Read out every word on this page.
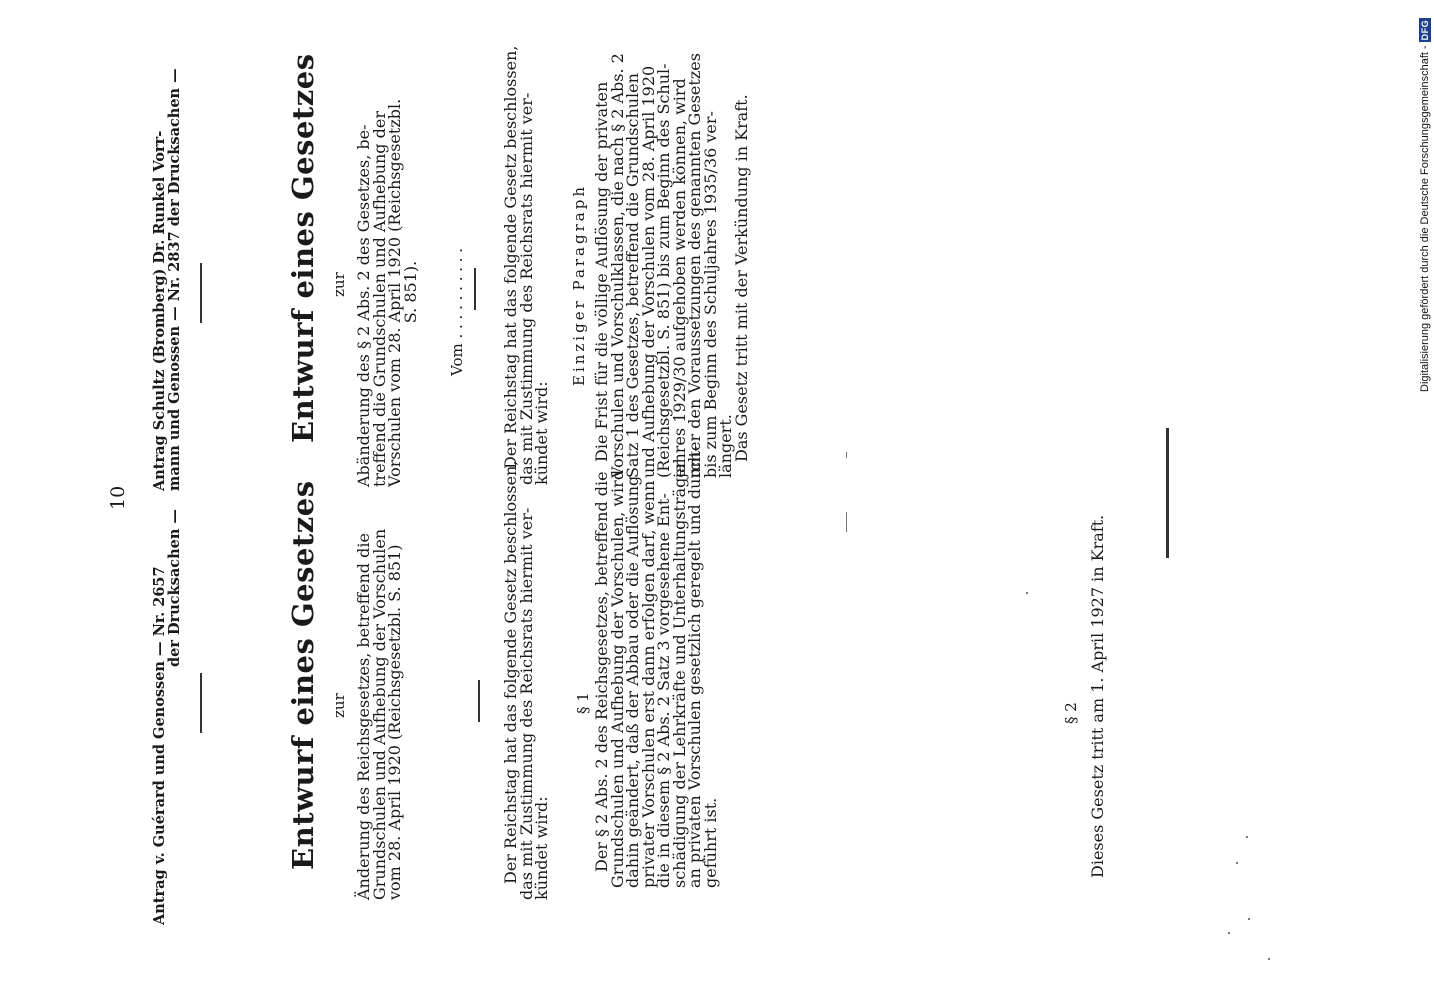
10

Antrag v. Guérard und Genossen — Nr. 2657

der Drucksachen —	Entwurf eines Gesetzes zur Änderung des Reichsgesetzes, betreffend die

Grundschulen und Aufhebung der Vorschulen

vom 28. April 1920 (Reichsgesetzbl. S. 851)	Der Reichstag hat das folgende Gesetz beschlossen,

das mit Zustimmung des Reichsrats hiermit ver-

kündet wird:

§ 1 Der § 2 Abs. 2 des Reichsgesetzes, betreffend die

Grundschulen und Aufhebung der Vorschulen, wird

dahin geändert, daß der Abbau oder die Auflösung

privater Vorschulen erst dann erfolgen darf, wenn

die in diesem § 2 Abs. 2 Satz 3 vorgesehene Ent-

schädigung der Lehrkräfte und Unterhaltungsträger

an privaten Vorschulen gesetzlich geregelt und durch-

geführt ist.

§ 2 Dieses Gesetz tritt am 1. April 1927 in Kraft.

Antrag Schultz (Bromberg) Dr. Runkel Vorr-

mann und Genossen — Nr. 2837 der Drucksachen —	Entwurf eines Gesetzes zur Abänderung des § 2 Abs. 2 des Gesetzes, be-

treffend die Grundschulen und Aufhebung der

Vorschulen vom 28. April 1920 (Reichsgesetzbl.

S. 851). Vom . . . . . . . . . . Der Reichstag hat das folgende Gesetz beschlossen,

das mit Zustimmung des Reichsrats hiermit ver-

kündet wird:

Einziger Paragraph Die Frist für die völlige Auflösung der privaten

Vorschulen und Vorschulklassen, die nach § 2 Abs. 2

Satz 1 des Gesetzes, betreffend die Grundschulen

und Aufhebung der Vorschulen vom 28. April 1920

(Reichsgesetzbl. S. 851) bis zum Beginn des Schul-

jahres 1929/30 aufgehoben werden können, wird

unter den Voraussetzungen des genannten Gesetzes

bis zum Beginn des Schuljahres 1935/36 ver-

längert.

Das Gesetz tritt mit der Verkündung in Kraft.	Digitalisierung gefördert durch die Deutsche Forschungsgemeinschaft -DFG
